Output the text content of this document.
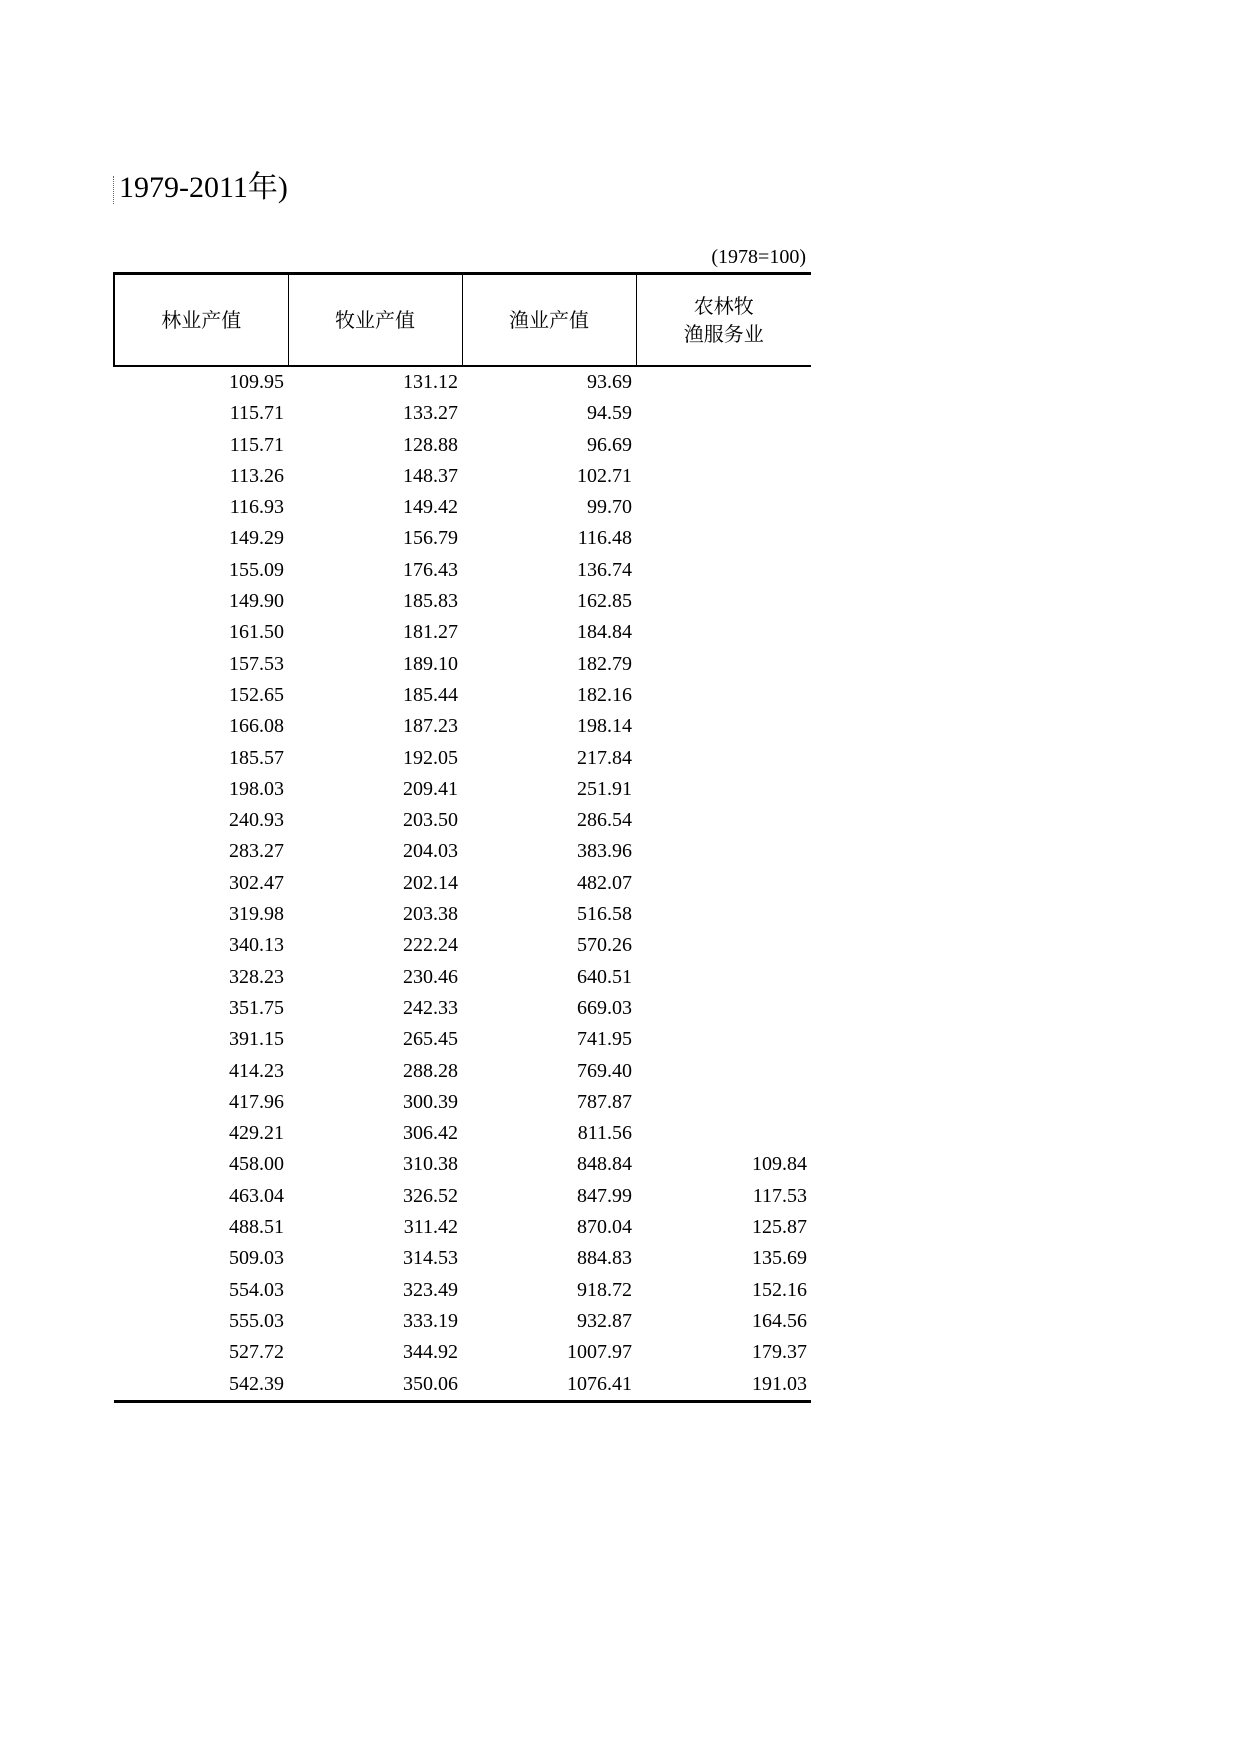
1979-2011年)
(1978=100)
林业产值	牧业产值	渔业产值	农林牧
渔服务业
109.95	131.12	93.69	
115.71	133.27	94.59	
115.71	128.88	96.69	
113.26	148.37	102.71	
116.93	149.42	99.70	
149.29	156.79	116.48	
155.09	176.43	136.74	
149.90	185.83	162.85	
161.50	181.27	184.84	
157.53	189.10	182.79	
152.65	185.44	182.16	
166.08	187.23	198.14	
185.57	192.05	217.84	
198.03	209.41	251.91	
240.93	203.50	286.54	
283.27	204.03	383.96	
302.47	202.14	482.07	
319.98	203.38	516.58	
340.13	222.24	570.26	
328.23	230.46	640.51	
351.75	242.33	669.03	
391.15	265.45	741.95	
414.23	288.28	769.40	
417.96	300.39	787.87	
429.21	306.42	811.56	
458.00	310.38	848.84	109.84
463.04	326.52	847.99	117.53
488.51	311.42	870.04	125.87
509.03	314.53	884.83	135.69
554.03	323.49	918.72	152.16
555.03	333.19	932.87	164.56
527.72	344.92	1007.97	179.37
542.39	350.06	1076.41	191.03
